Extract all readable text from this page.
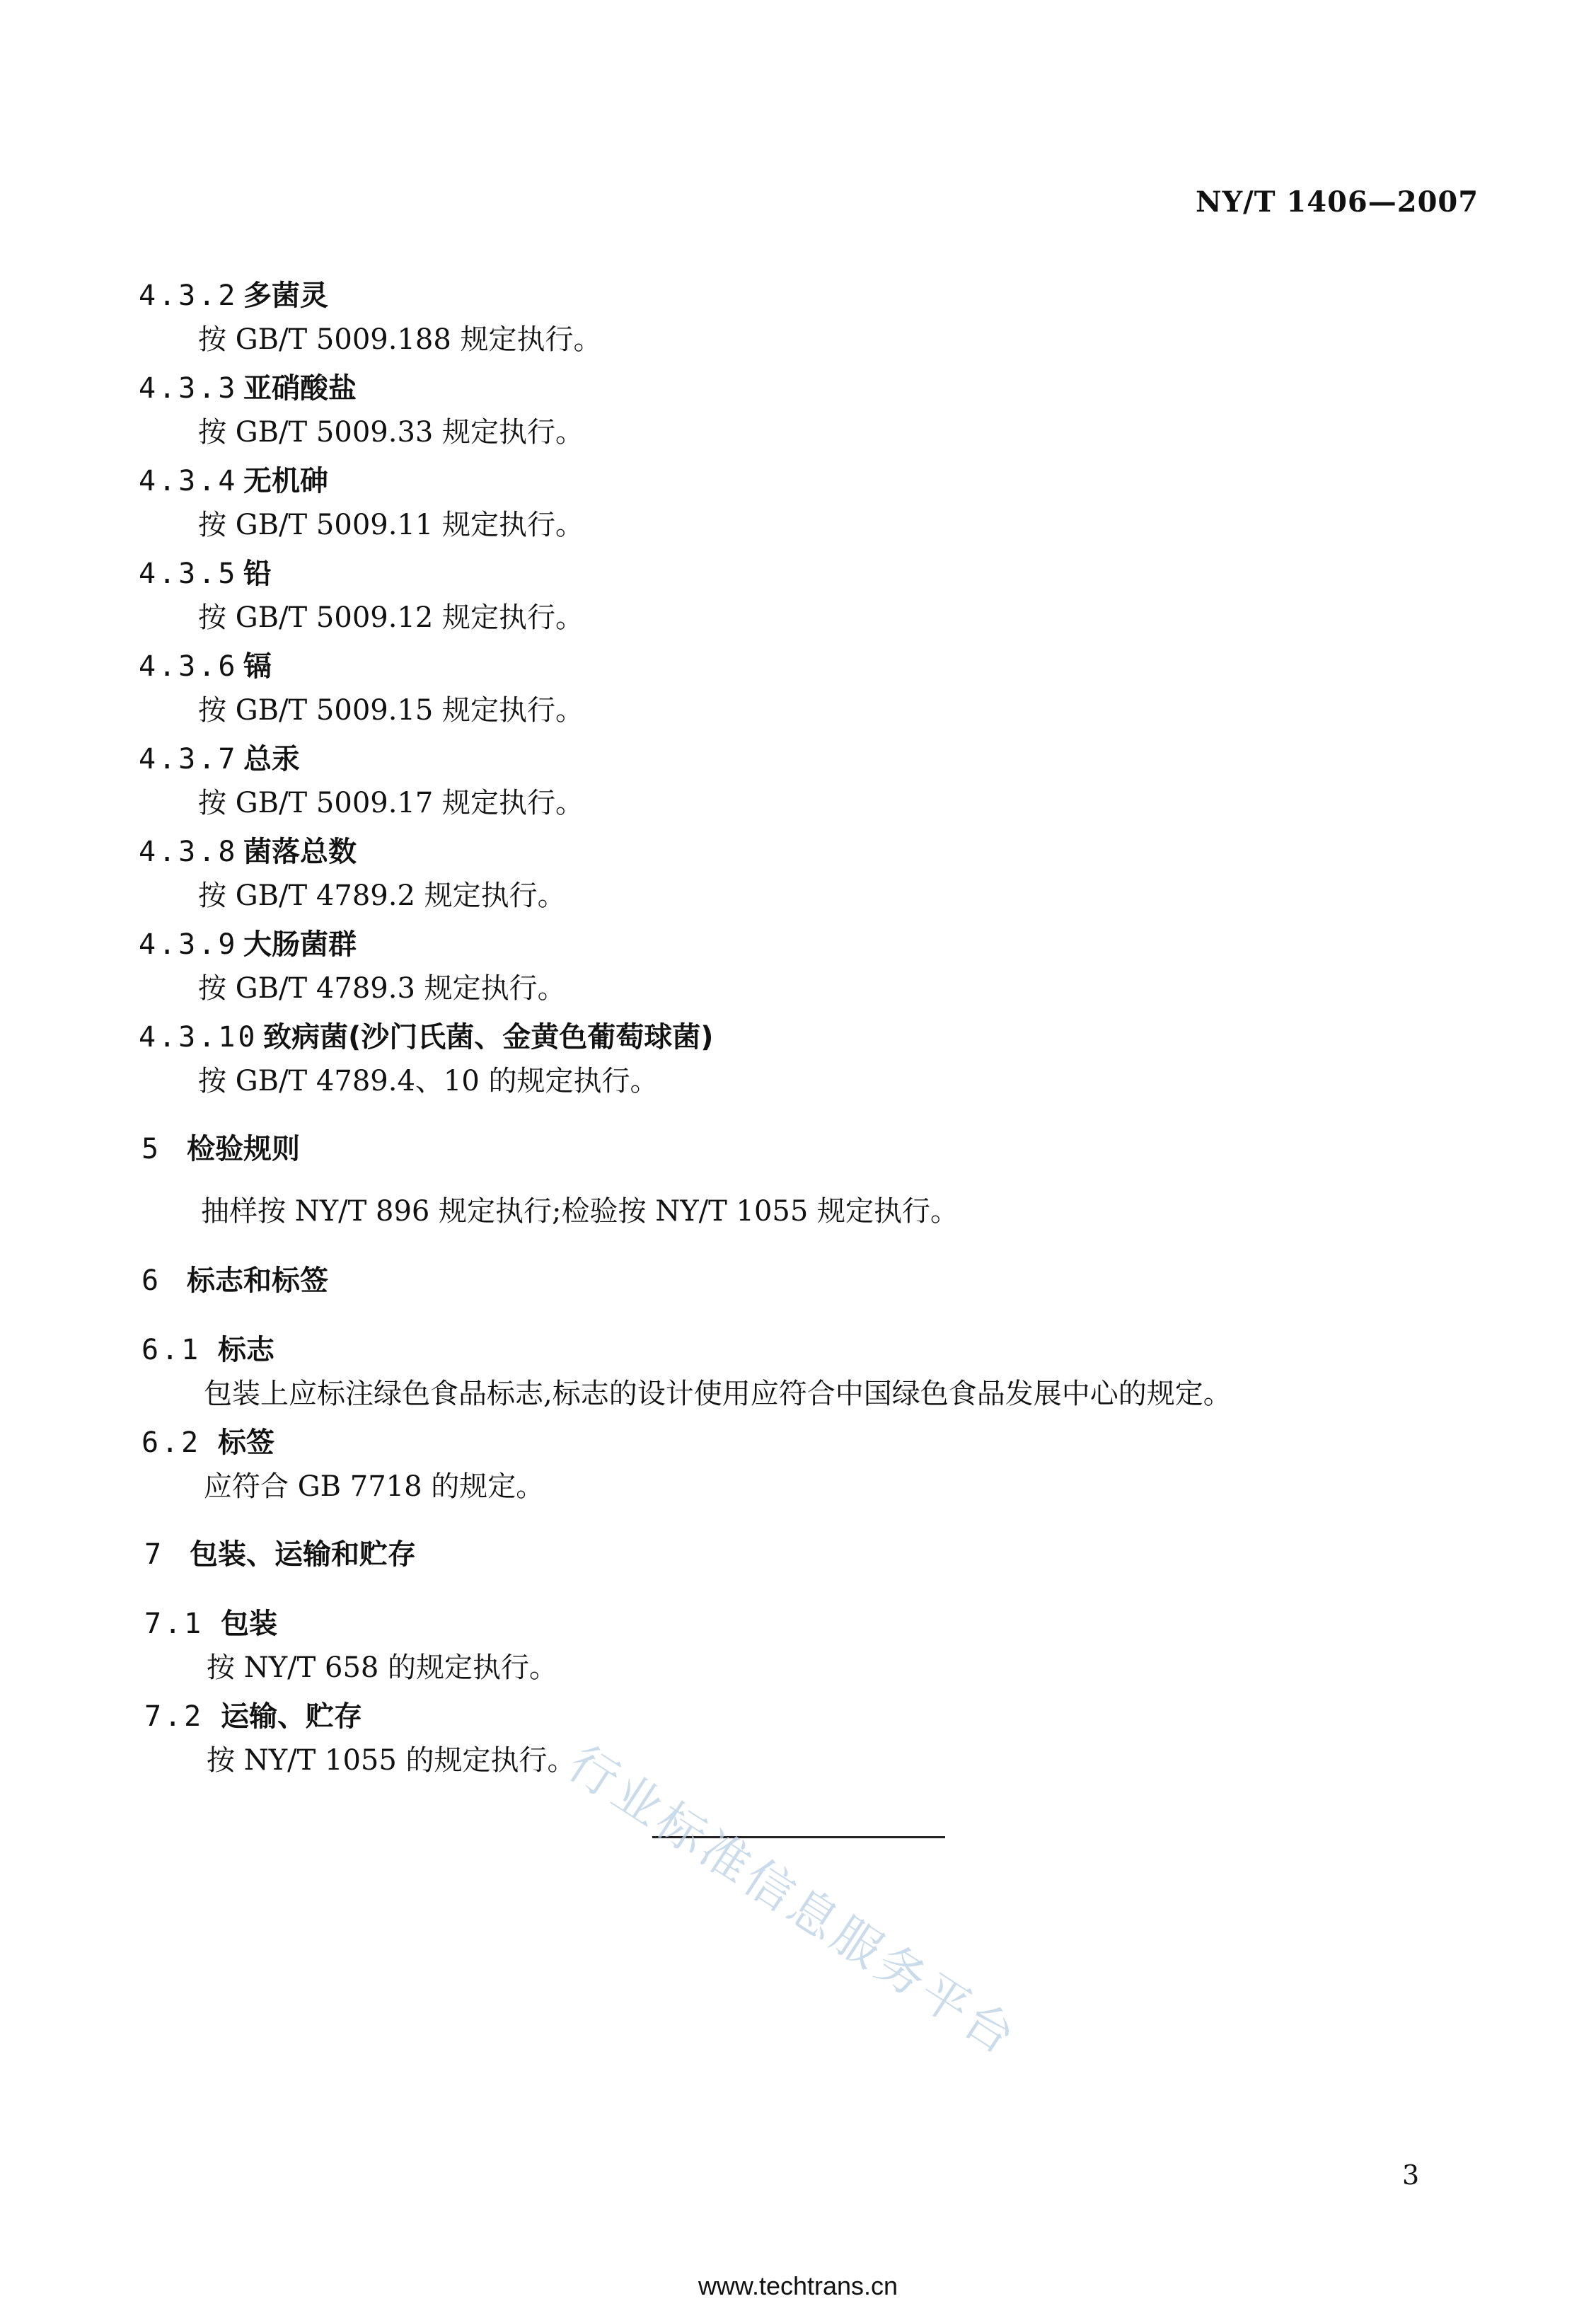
NY/T 1406—2007
4.3.2 多菌灵
按 GB/T 5009.188 规定执行。
4.3.3 亚硝酸盐
按 GB/T 5009.33 规定执行。
4.3.4 无机砷
按 GB/T 5009.11 规定执行。
4.3.5 铅
按 GB/T 5009.12 规定执行。
4.3.6 镉
按 GB/T 5009.15 规定执行。
4.3.7 总汞
按 GB/T 5009.17 规定执行。
4.3.8 菌落总数
按 GB/T 4789.2 规定执行。
4.3.9 大肠菌群
按 GB/T 4789.3 规定执行。
4.3.10 致病菌(沙门氏菌、金黄色葡萄球菌)
按 GB/T 4789.4、10 的规定执行。
5 检验规则
抽样按 NY/T 896 规定执行;检验按 NY/T 1055 规定执行。
6 标志和标签
6.1 标志
包装上应标注绿色食品标志,标志的设计使用应符合中国绿色食品发展中心的规定。
6.2 标签
应符合 GB 7718 的规定。
7 包装、运输和贮存
7.1 包装
按 NY/T 658 的规定执行。
7.2 运输、贮存
按 NY/T 1055 的规定执行。
行业标准信息服务平台
3
www.techtrans.cn
